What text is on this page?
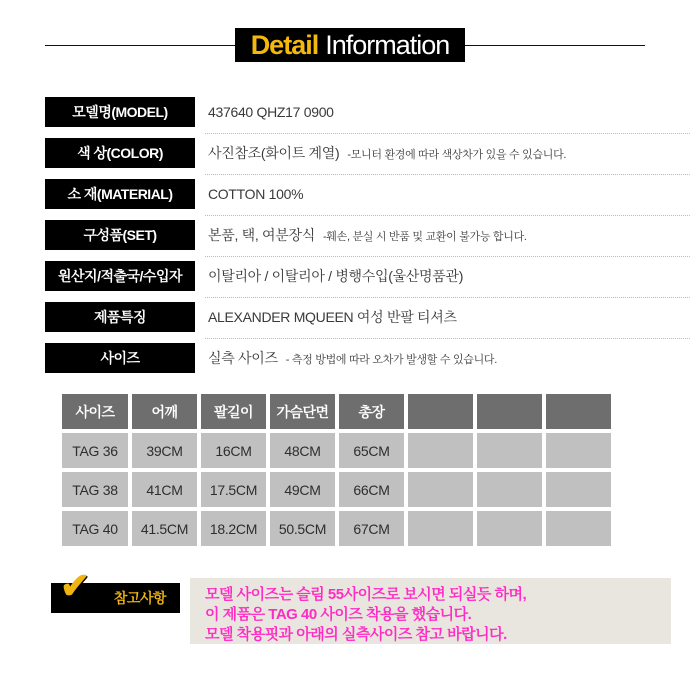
Detail Information
모델명(MODEL)	437640 QHZ17 0900
색 상(COLOR)	사진참조(화이트 계열) -모니터 환경에 따라 색상차가 있을 수 있습니다.
소 재(MATERIAL)	COTTON 100%
구성품(SET)	본품, 택, 여분장식 -훼손, 분실 시 반품 및 교환이 불가능 합니다.
원산지/적출국/수입자	이탈리아 / 이탈리아 / 병행수입(울산명품관)
제품특징	ALEXANDER MQUEEN 여성 반팔 티셔츠
사이즈	실측 사이즈 - 측정 방법에 따라 오차가 발생할 수 있습니다.
사이즈	어깨	팔길이	가슴단면	총장			
TAG 36	39CM	16CM	48CM	65CM			
TAG 38	41CM	17.5CM	49CM	66CM			
TAG 40	41.5CM	18.2CM	50.5CM	67CM			
✔ 참고사항	모델 사이즈는 슬림 55사이즈로 보시면 되실듯 하며,
이 제품은 TAG 40 사이즈 착용을 했습니다.
모델 착용핏과 아래의 실측사이즈 참고 바랍니다.
